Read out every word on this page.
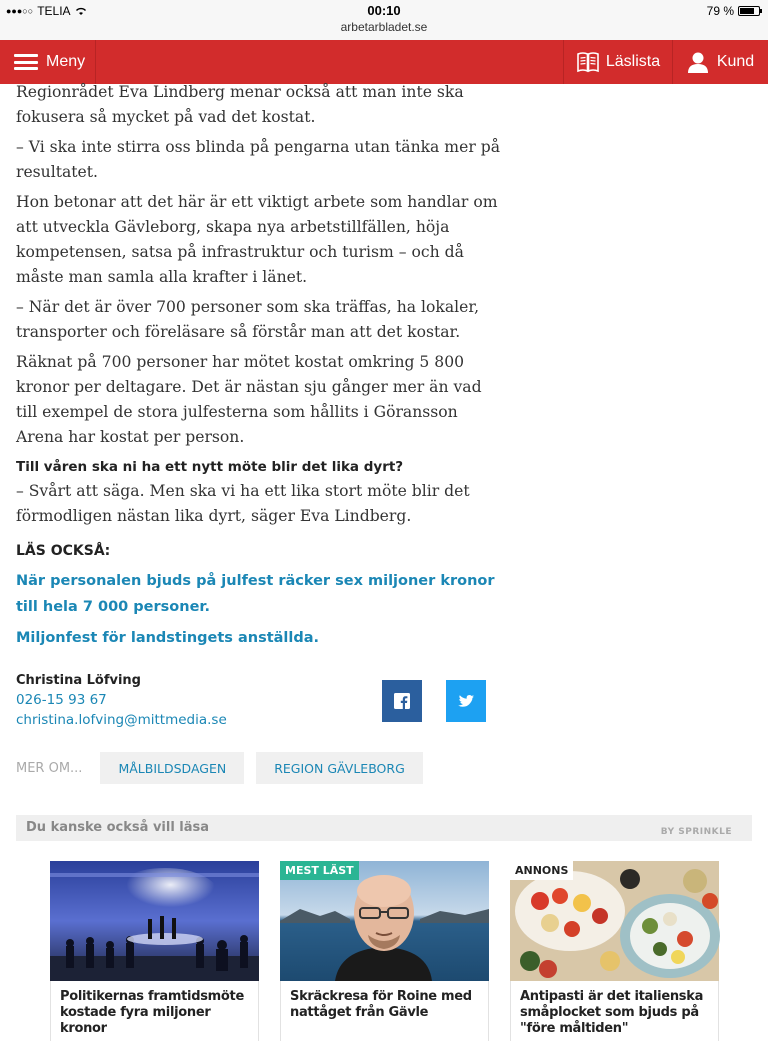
●●●○○ TELIA	00:10
arbetarbladet.se
79 %
Meny	Läslista	Kund

Regionrådet Eva Lindberg menar också att man inte ska fokusera så mycket på vad det kostat.

– Vi ska inte stirra oss blinda på pengarna utan tänka mer på resultatet.

Hon betonar att det här är ett viktigt arbete som handlar om att utveckla Gävleborg, skapa nya arbetstillfällen, höja kompetensen, satsa på infrastruktur och turism – och då måste man samla alla krafter i länet.

– När det är över 700 personer som ska träffas, ha lokaler, transporter och föreläsare så förstår man att det kostar.

Räknat på 700 personer har mötet kostat omkring 5 800 kronor per deltagare. Det är nästan sju gånger mer än vad till exempel de stora julfesterna som hållits i Göransson Arena har kostat per person.

Till våren ska ni ha ett nytt möte blir det lika dyrt?

– Svårt att säga. Men ska vi ha ett lika stort möte blir det förmodligen nästan lika dyrt, säger Eva Lindberg.

LÄS OCKSÅ:

När personalen bjuds på julfest räcker sex miljoner kronor till hela 7 000 personer.
Miljonfest för landstingets anställda.
Christina Löfving
026-15 93 67
christina.lofving@mittmedia.se
MER OM...	MÅLBILDSDAGEN	REGION GÄVLEBORG
Du kanske också vill läsa	BY SPRINKLE
Politikernas framtidsmöte kostade fyra miljoner kronor
MEST LÄST
Skräckresa för Roine med nattåget från Gävle
ANNONS
Antipasti är det italienska småplocket som bjuds på "före måltiden"
